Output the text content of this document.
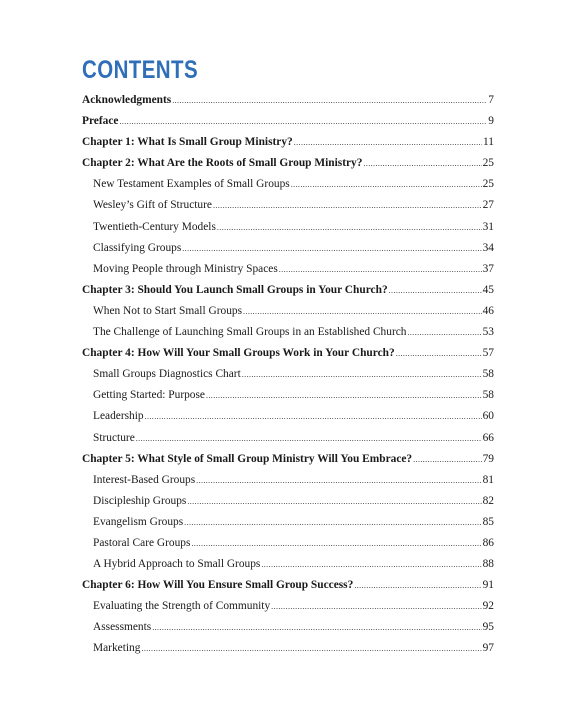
CONTENTS
Acknowledgments .....	7
Preface .....	9
Chapter 1: What Is Small Group Ministry? .....	11
Chapter 2: What Are the Roots of Small Group Ministry? .....	25
New Testament Examples of Small Groups .....	25
Wesley’s Gift of Structure .....	27
Twentieth-Century Models .....	31
Classifying Groups .....	34
Moving People through Ministry Spaces .....	37
Chapter 3: Should You Launch Small Groups in Your Church? .....	45
When Not to Start Small Groups .....	46
The Challenge of Launching Small Groups in an Established Church .....	53
Chapter 4: How Will Your Small Groups Work in Your Church? .....	57
Small Groups Diagnostics Chart .....	58
Getting Started: Purpose .....	58
Leadership .....	60
Structure .....	66
Chapter 5: What Style of Small Group Ministry Will You Embrace? .....	79
Interest-Based Groups .....	81
Discipleship Groups .....	82
Evangelism Groups .....	85
Pastoral Care Groups .....	86
A Hybrid Approach to Small Groups .....	88
Chapter 6: How Will You Ensure Small Group Success? .....	91
Evaluating the Strength of Community .....	92
Assessments .....	95
Marketing .....	97
